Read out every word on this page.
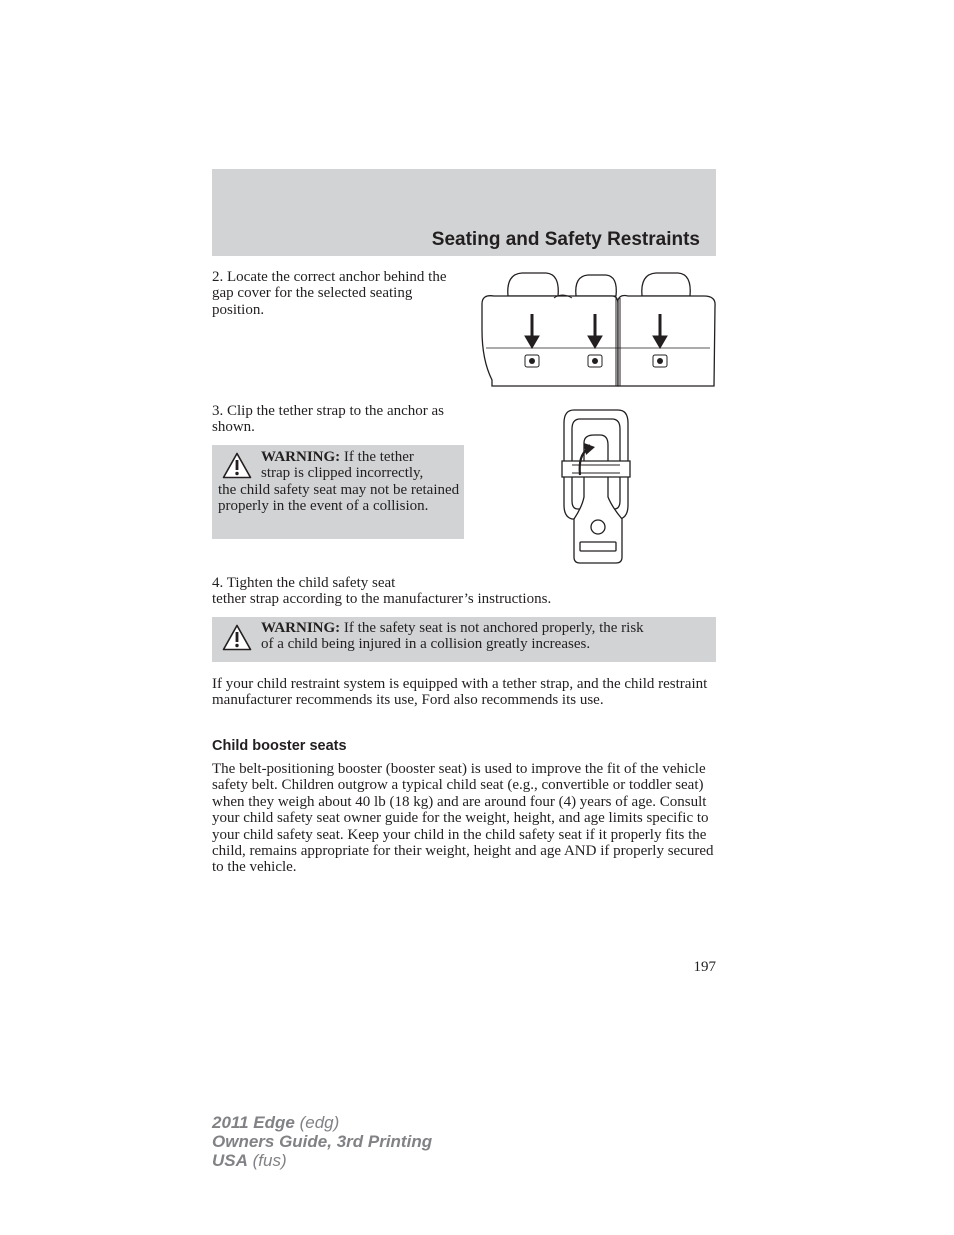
Seating and Safety Restraints

2. Locate the correct anchor behind the gap cover for the selected seating position.

3. Clip the tether strap to the anchor as shown.

WARNING: If the tether

strap is clipped incorrectly,

the child safety seat may not be retained properly in the event of a collision.

4. Tighten the child safety seat

tether strap according to the manufacturer’s instructions.

WARNING: If the safety seat is not anchored properly, the risk

of a child being injured in a collision greatly increases.

If your child restraint system is equipped with a tether strap, and the child restraint manufacturer recommends its use, Ford also recommends its use.

Child booster seats

The belt-positioning booster (booster seat) is used to improve the fit of the vehicle safety belt. Children outgrow a typical child seat (e.g., convertible or toddler seat) when they weigh about 40 lb (18 kg) and are around four (4) years of age. Consult your child safety seat owner guide for the weight, height, and age limits specific to your child safety seat. Keep your child in the child safety seat if it properly fits the child, remains appropriate for their weight, height and age AND if properly secured to the vehicle.

197
2011 Edge (edg)
Owners Guide, 3rd Printing
USA (fus)
